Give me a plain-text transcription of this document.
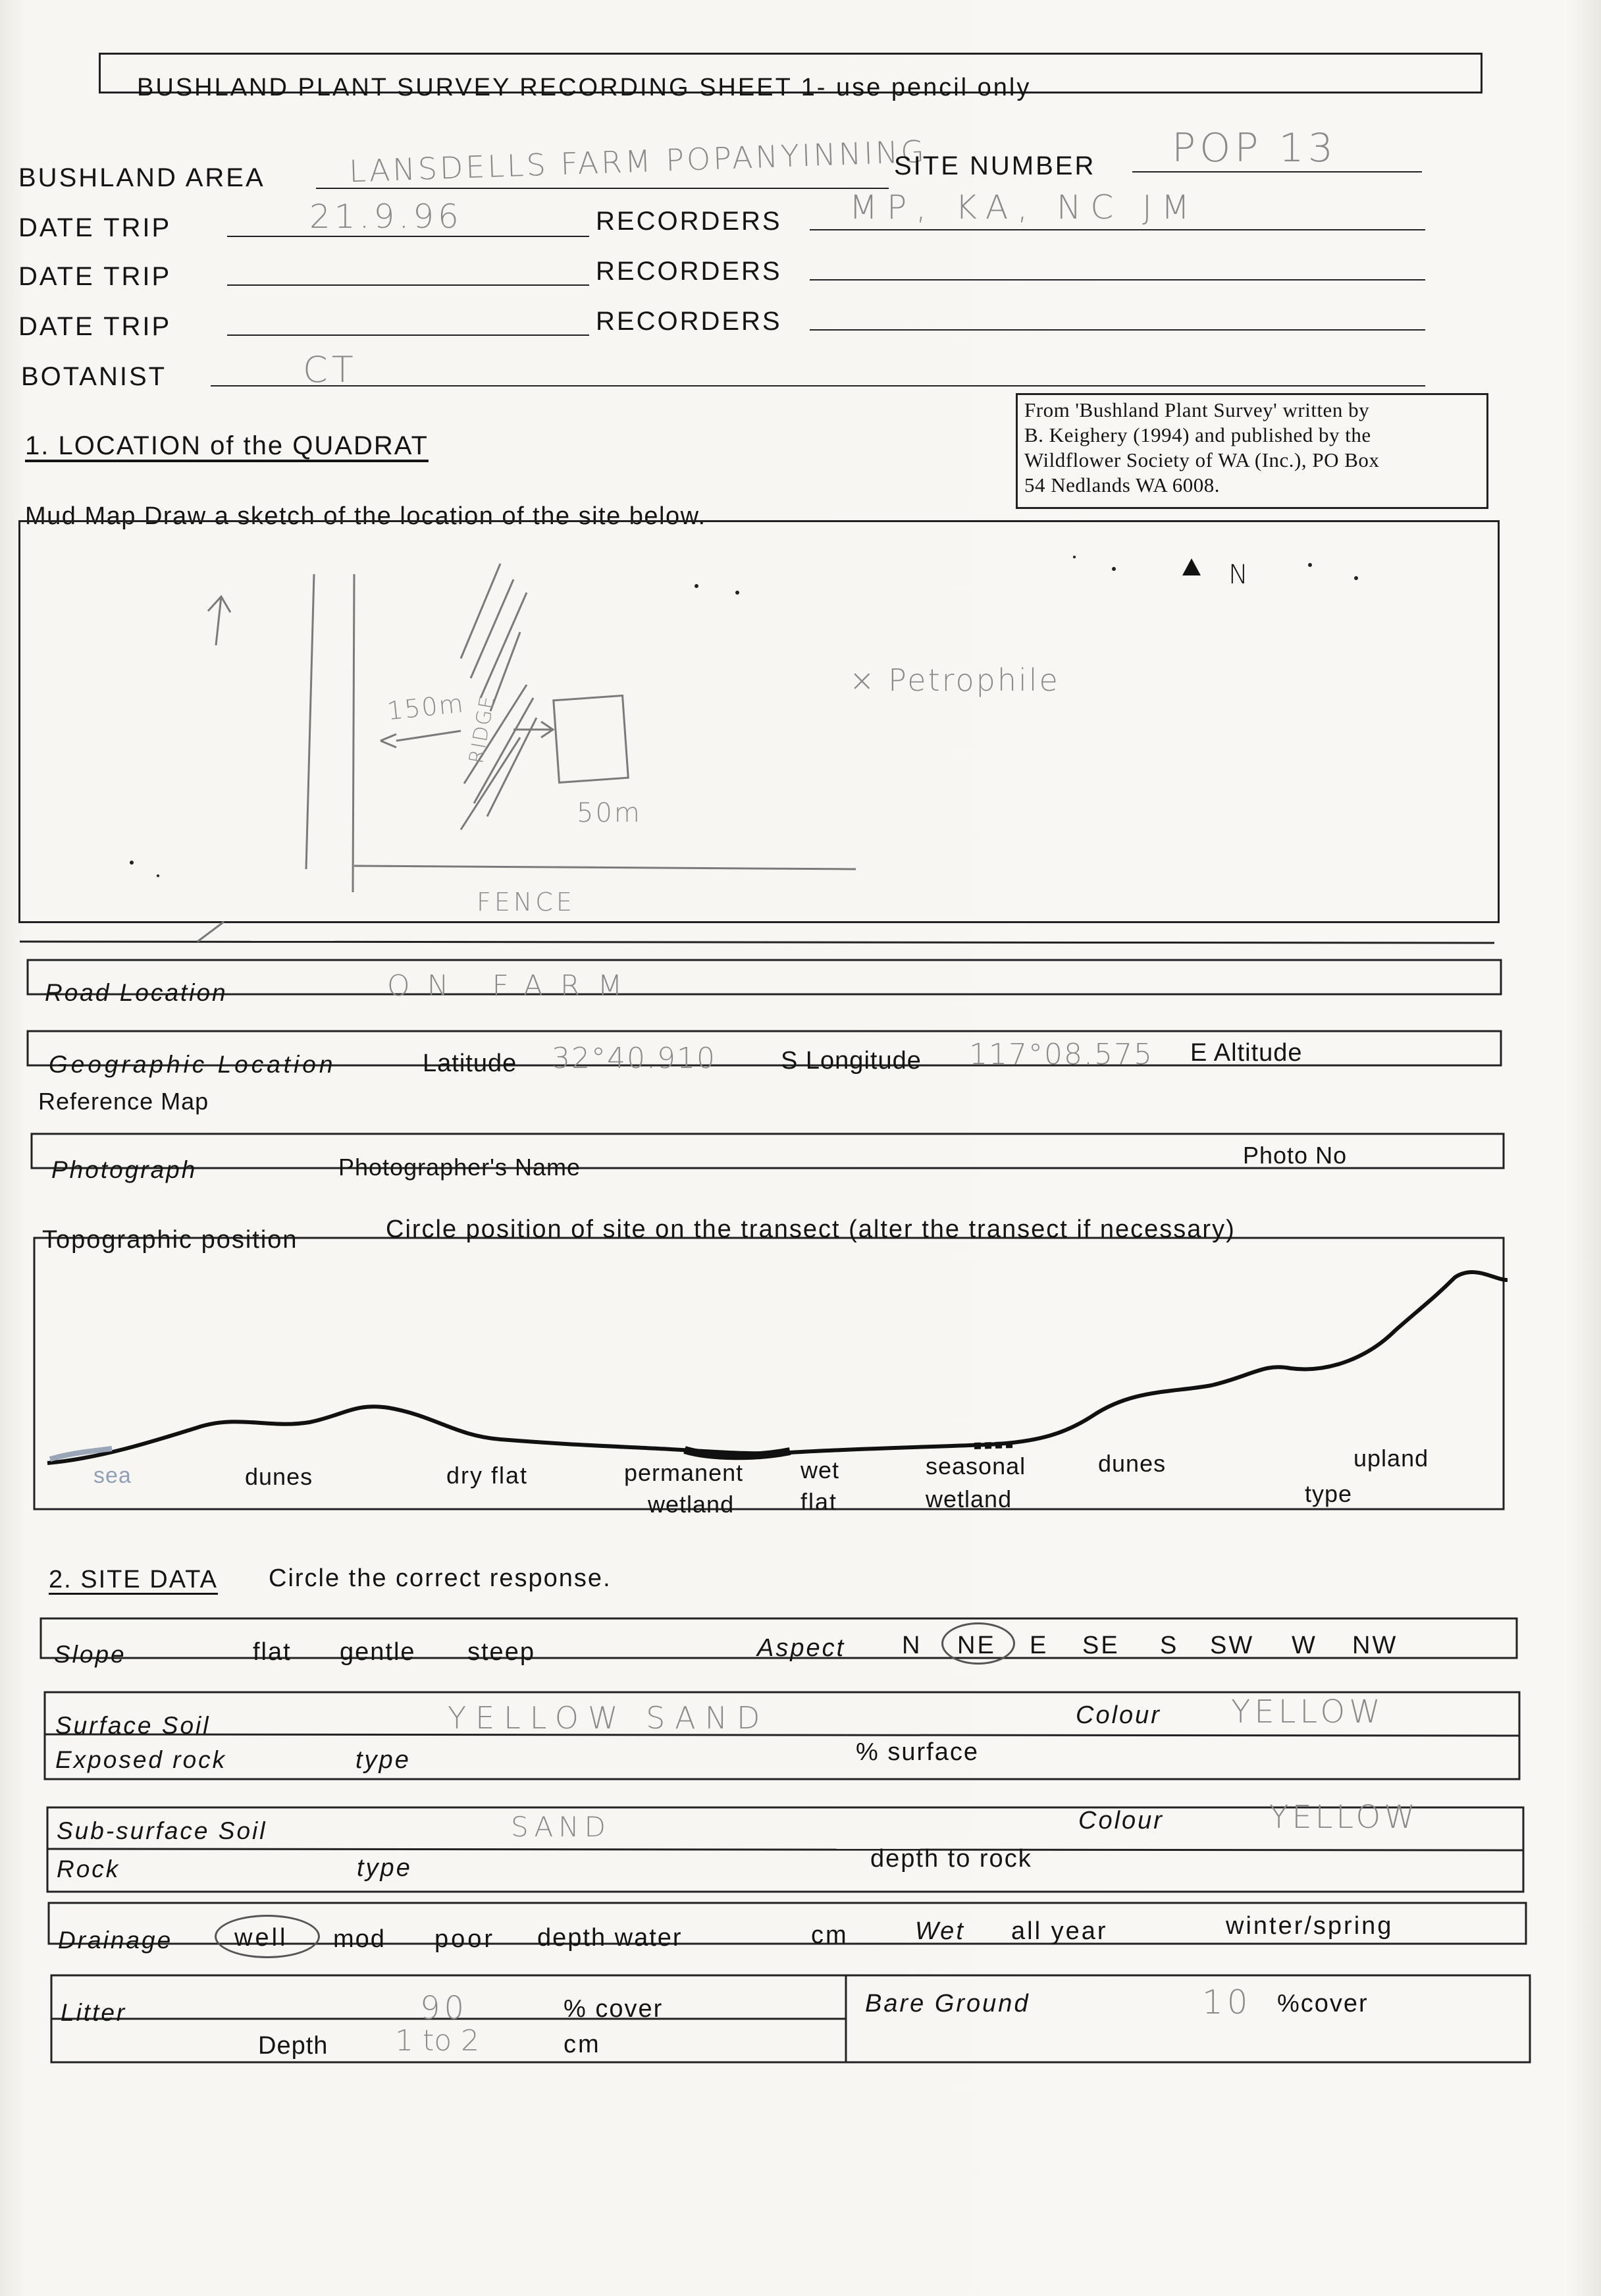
BUSHLAND PLANT SURVEY RECORDING SHEET 1- use pencil only
BUSHLAND AREA	LANSDELLS FARM POPANYINNING
SITE NUMBER POP 13
DATE TRIP	21.9.96	RECORDERS MP, KA, NC JM
DATE TRIP	RECORDERS
DATE TRIP	RECORDERS
BOTANIST	CT
From 'Bushland Plant Survey' written by
B. Keighery (1994) and published by the
Wildflower Society of WA (Inc.), PO Box
54 Nedlands WA 6008.
1. LOCATION of the QUADRAT
Mud Map Draw a sketch of the location of the site below.
N
× Petrophile
150m
50m
RIDGE
FENCE
Road Location	ON FARM
Geographic Location	Latitude 32°40.910	S Longitude 117°08.575 E Altitude
Reference Map
Photograph	Photographer's Name	Photo No
Topographic position	Circle position of site on the transect (alter the transect if necessary)
sea	dunes	dry flat	permanent
wetland
wet
flat
seasonal
wetland
dunes	upland
type
2. SITE DATA Circle the correct response.
Slope	flat gentle steep	Aspect N NE E SE S SW W NW
Surface Soil	YELLOW SAND	Colour YELLOW
Exposed rock	type	% surface
Sub-surface Soil	SAND	Colour	YELLOW
Rock	type	depth to rock
Drainage well mod poor depth water	cm	Wet all year	winter/spring
Litter	90	% cover
Depth 1 to 2	cm
Bare Ground	10 %cover
